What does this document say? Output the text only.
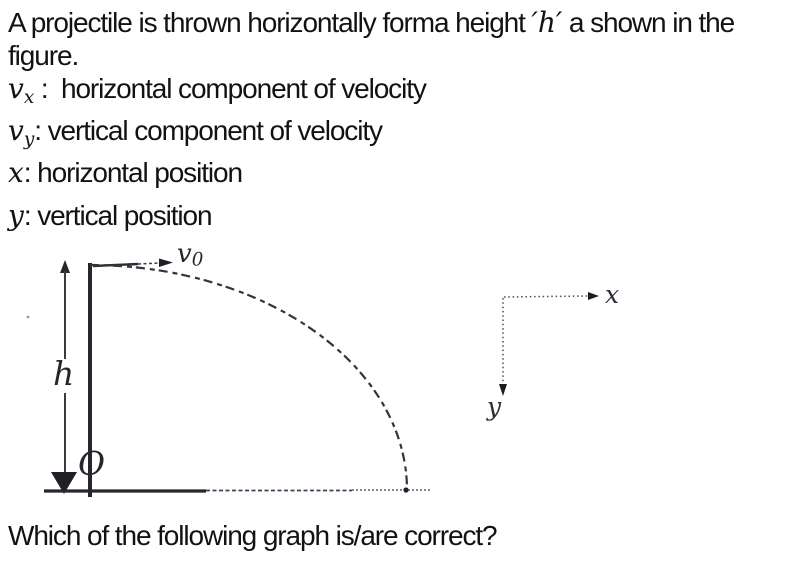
A projectile is thrown horizontally forma height ′h′ a shown in the
figure.
$v_x$ :  horizontal component of velocity
$v_y$: vertical component of velocity
x: horizontal position
y: vertical position
O
$v_0$
h
x
y
Which of the following graph is/are correct?
